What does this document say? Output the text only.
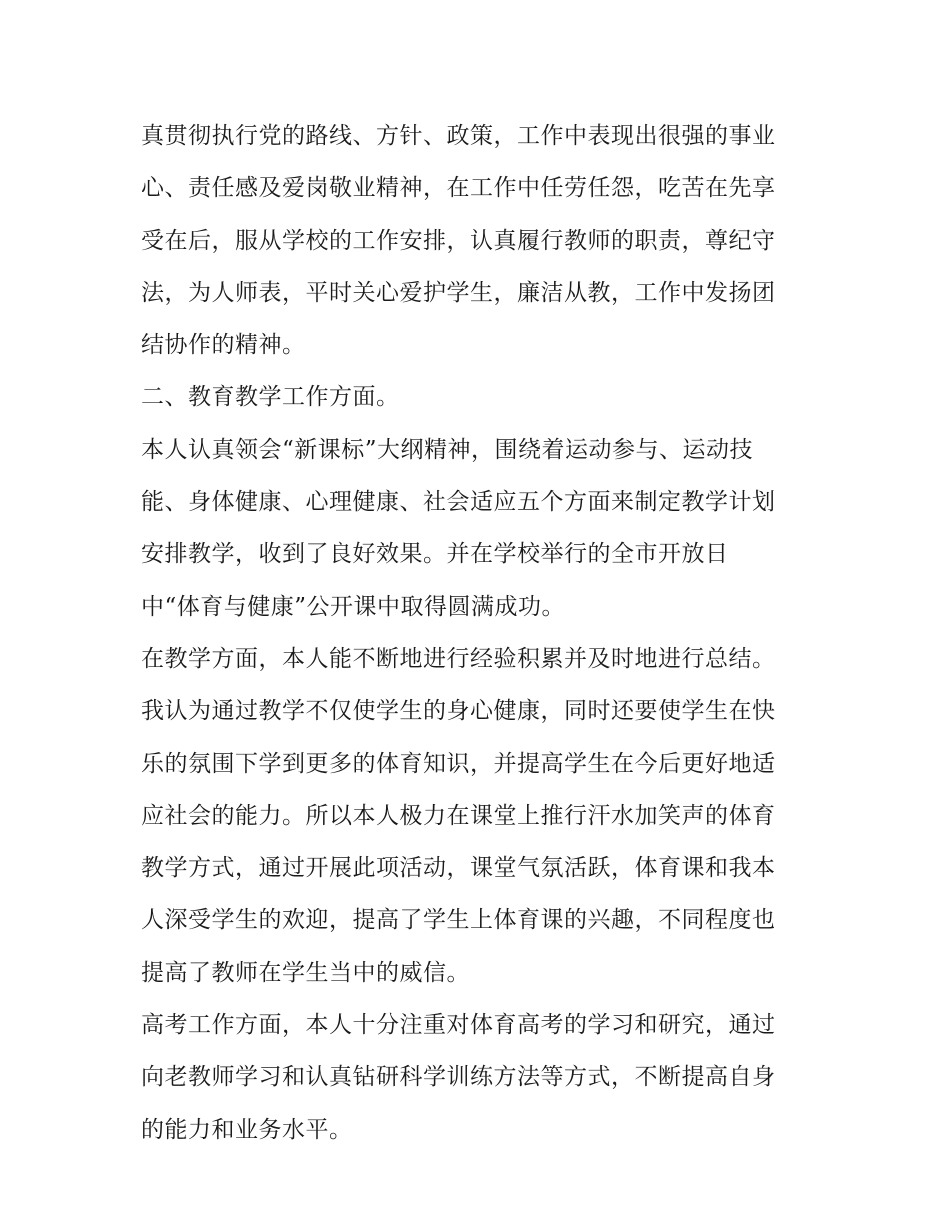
真贯彻执行党的路线、方针、政策，工作中表现出很强的事业
心、责任感及爱岗敬业精神，在工作中任劳任怨，吃苦在先享
受在后，服从学校的工作安排，认真履行教师的职责，尊纪守
法，为人师表，平时关心爱护学生，廉洁从教，工作中发扬团
结协作的精神。
二、教育教学工作方面。
本人认真领会“新课标”大纲精神，围绕着运动参与、运动技
能、身体健康、心理健康、社会适应五个方面来制定教学计划
安排教学，收到了良好效果。并在学校举行的全市开放日
中“体育与健康”公开课中取得圆满成功。
在教学方面，本人能不断地进行经验积累并及时地进行总结。
我认为通过教学不仅使学生的身心健康，同时还要使学生在快
乐的氛围下学到更多的体育知识，并提高学生在今后更好地适
应社会的能力。所以本人极力在课堂上推行汗水加笑声的体育
教学方式，通过开展此项活动，课堂气氛活跃，体育课和我本
人深受学生的欢迎，提高了学生上体育课的兴趣，不同程度也
提高了教师在学生当中的威信。
高考工作方面，本人十分注重对体育高考的学习和研究，通过
向老教师学习和认真钻研科学训练方法等方式，不断提高自身
的能力和业务水平。
